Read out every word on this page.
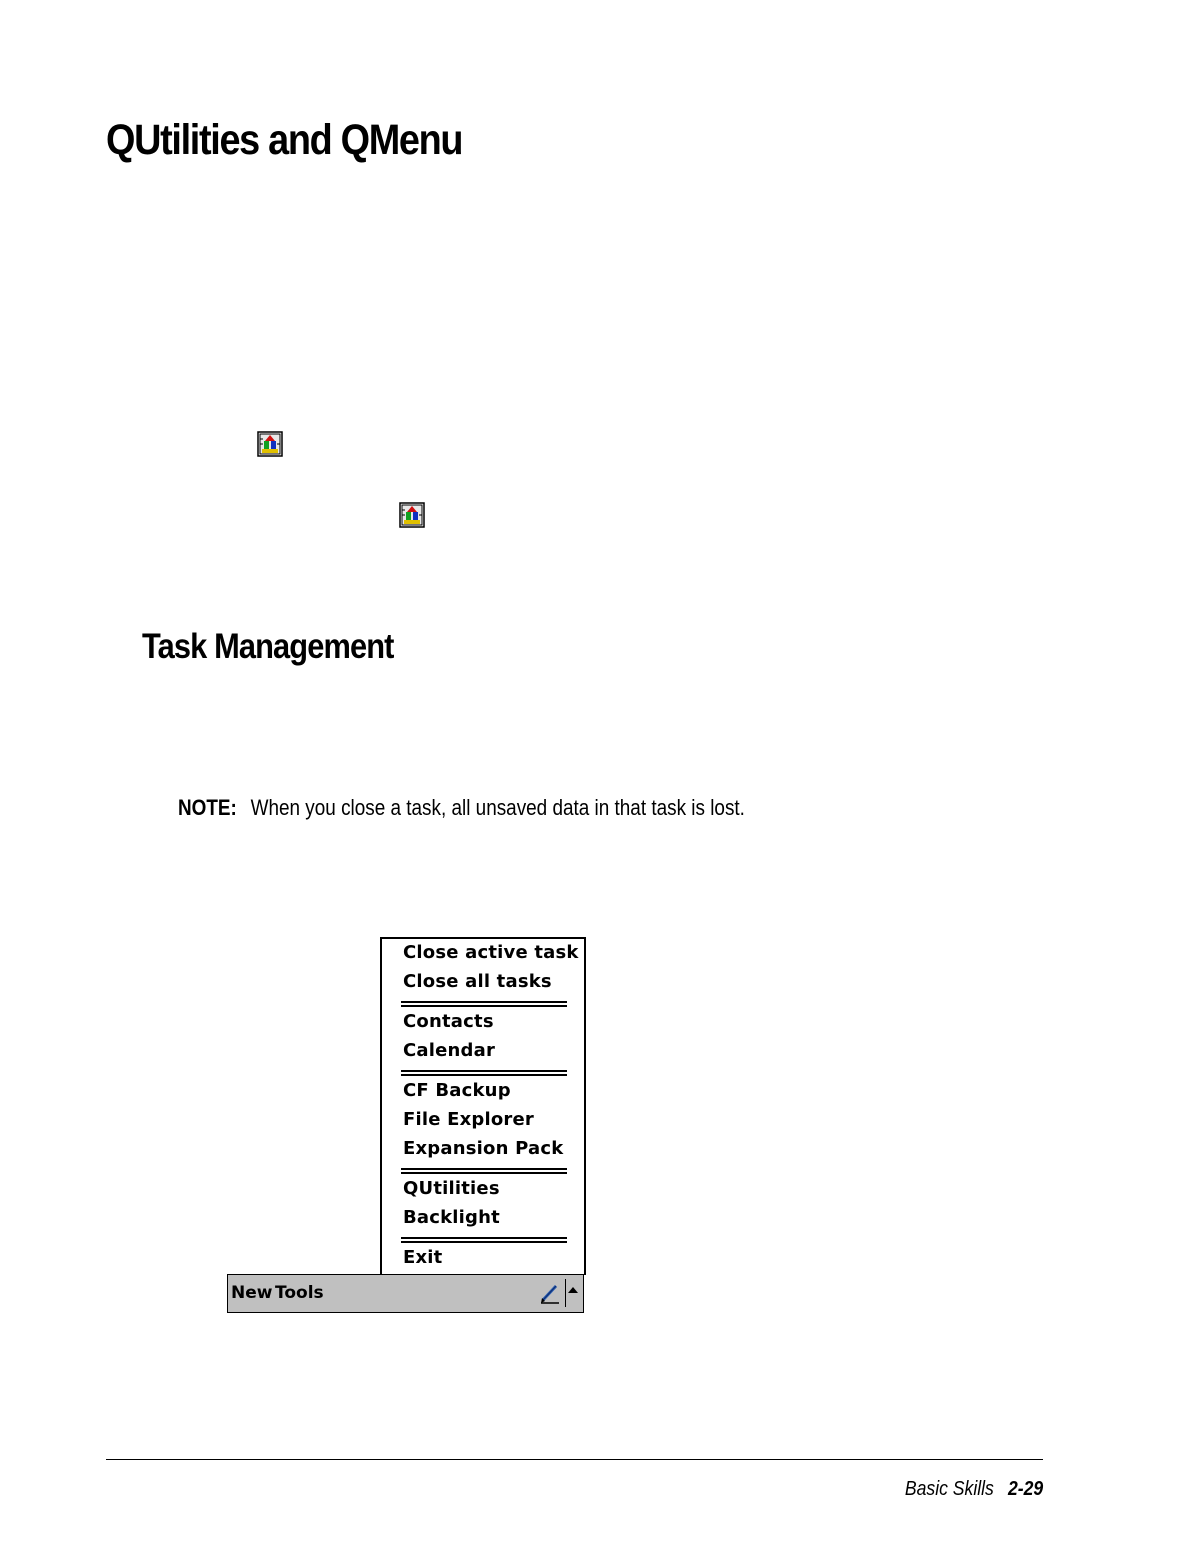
QUtilities and QMenu
Task Management
NOTE: When you close a task, all unsaved data in that task is lost.
Close active task
Close all tasks
Contacts
Calendar
CF Backup
File Explorer
Expansion Pack
QUtilities
Backlight
Exit
New Tools
Basic Skills 2-29
